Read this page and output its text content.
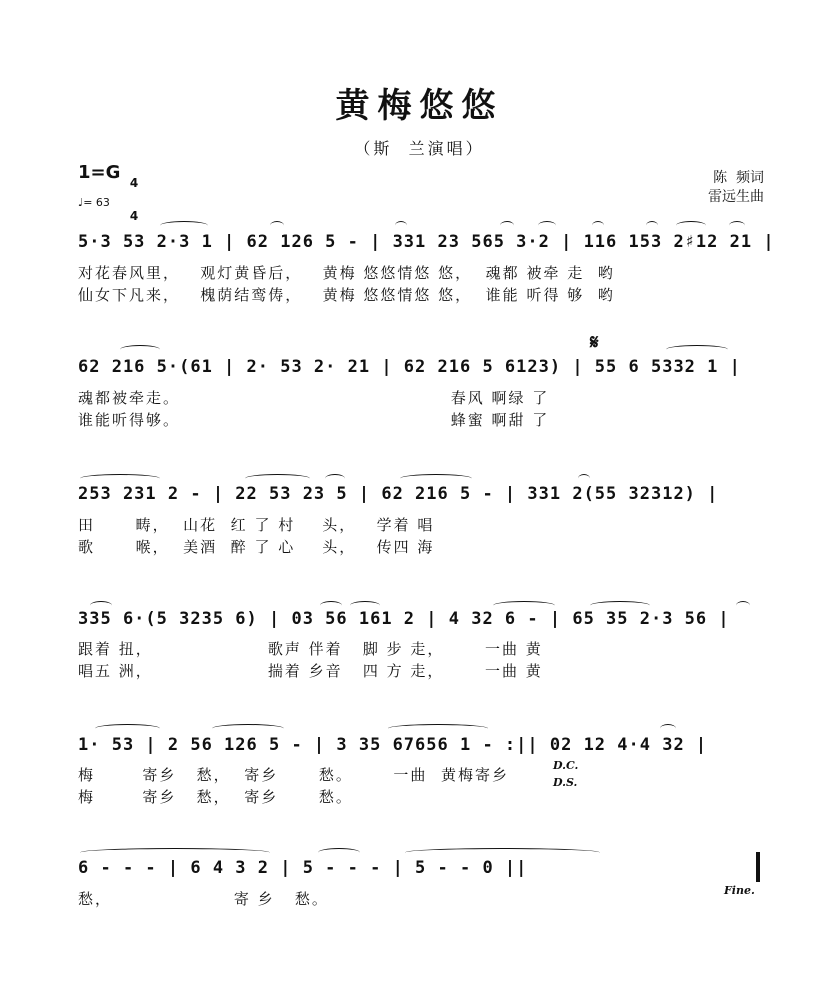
黄梅悠悠
（斯  兰演唱）
1=G

4

4

♩= 63
陈  频词
雷远生曲
5·3 53 2·3 1 | 62 126 5 - | 331 23 565 3·2 | 116 153 2♯12 21 |
对花春风里，   观灯黄昏后，   黄梅 悠悠情悠 悠，  魂都 被牵 走  哟
仙女下凡来，   槐荫结鸾俦，   黄梅 悠悠情悠 悠，  谁能 听得 够  哟
𝄋
62 216 5·(61 | 2· 53 2· 21 | 62 216 5 6123) | 55 6 5332 1 |
魂都被牵走。                                        春风 啊绿 了
谁能听得够。                                        蜂蜜 啊甜 了
253 231 2 - | 22 53 23 5 | 62 216 5 - | 331 2(55 32312) |
田      畴，  山花  红 了 村    头，   学着 唱
歌      喉，  美酒  醉 了 心    头，   传四 海
335 6·(5 3235 6) | 03 56 161 2 | 4 32 6 - | 65 35 2·3 56 |
跟着 扭，                 歌声 伴着   脚 步 走，      一曲 黄
唱五 洲，                 揣着 乡音   四 方 走，      一曲 黄
1· 53 | 2 56 126 5 - | 3 35 67656 1 - :|| 02 12 4·4 32 |
梅       寄乡   愁，  寄乡      愁。      一曲  黄梅寄乡
梅       寄乡   愁，  寄乡      愁。
D.C.
D.S.
6 - - - | 6 4 3 2 | 5 - - - | 5 - - 0 ||
愁，                  寄 乡   愁。	Fine.
